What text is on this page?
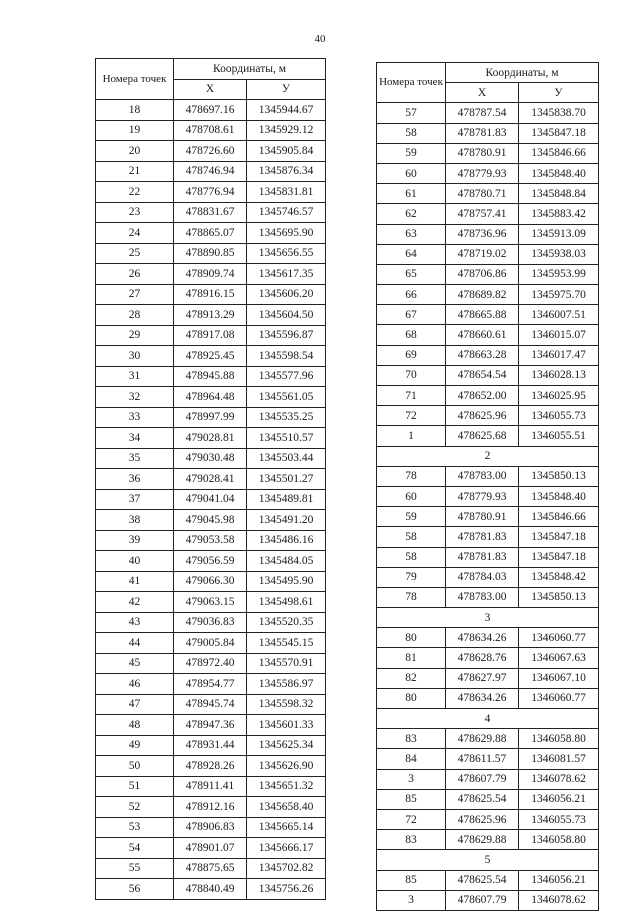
40
Номера точек	Координаты, м	
	X	У
18	478697.16	1345944.67
19	478708.61	1345929.12
20	478726.60	1345905.84
21	478746.94	1345876.34
22	478776.94	1345831.81
23	478831.67	1345746.57
24	478865.07	1345695.90
25	478890.85	1345656.55
26	478909.74	1345617.35
27	478916.15	1345606.20
28	478913.29	1345604.50
29	478917.08	1345596.87
30	478925.45	1345598.54
31	478945.88	1345577.96
32	478964.48	1345561.05
33	478997.99	1345535.25
34	479028.81	1345510.57
35	479030.48	1345503.44
36	479028.41	1345501.27
37	479041.04	1345489.81
38	479045.98	1345491.20
39	479053.58	1345486.16
40	479056.59	1345484.05
41	479066.30	1345495.90
42	479063.15	1345498.61
43	479036.83	1345520.35
44	479005.84	1345545.15
45	478972.40	1345570.91
46	478954.77	1345586.97
47	478945.74	1345598.32
48	478947.36	1345601.33
49	478931.44	1345625.34
50	478928.26	1345626.90
51	478911.41	1345651.32
52	478912.16	1345658.40
53	478906.83	1345665.14
54	478901.07	1345666.17
55	478875.65	1345702.82
56	478840.49	1345756.26
Номера точек	Координаты, м	
	X	У
57	478787.54	1345838.70
58	478781.83	1345847.18
59	478780.91	1345846.66
60	478779.93	1345848.40
61	478780.71	1345848.84
62	478757.41	1345883.42
63	478736.96	1345913.09
64	478719.02	1345938.03
65	478706.86	1345953.99
66	478689.82	1345975.70
67	478665.88	1346007.51
68	478660.61	1346015.07
69	478663.28	1346017.47
70	478654.54	1346028.13
71	478652.00	1346025.95
72	478625.96	1346055.73
1	478625.68	1346055.51
2		
78	478783.00	1345850.13
60	478779.93	1345848.40
59	478780.91	1345846.66
58	478781.83	1345847.18
58	478781.83	1345847.18
79	478784.03	1345848.42
78	478783.00	1345850.13
3		
80	478634.26	1346060.77
81	478628.76	1346067.63
82	478627.97	1346067.10
80	478634.26	1346060.77
4		
83	478629.88	1346058.80
84	478611.57	1346081.57
3	478607.79	1346078.62
85	478625.54	1346056.21
72	478625.96	1346055.73
83	478629.88	1346058.80
5		
85	478625.54	1346056.21
3	478607.79	1346078.62
